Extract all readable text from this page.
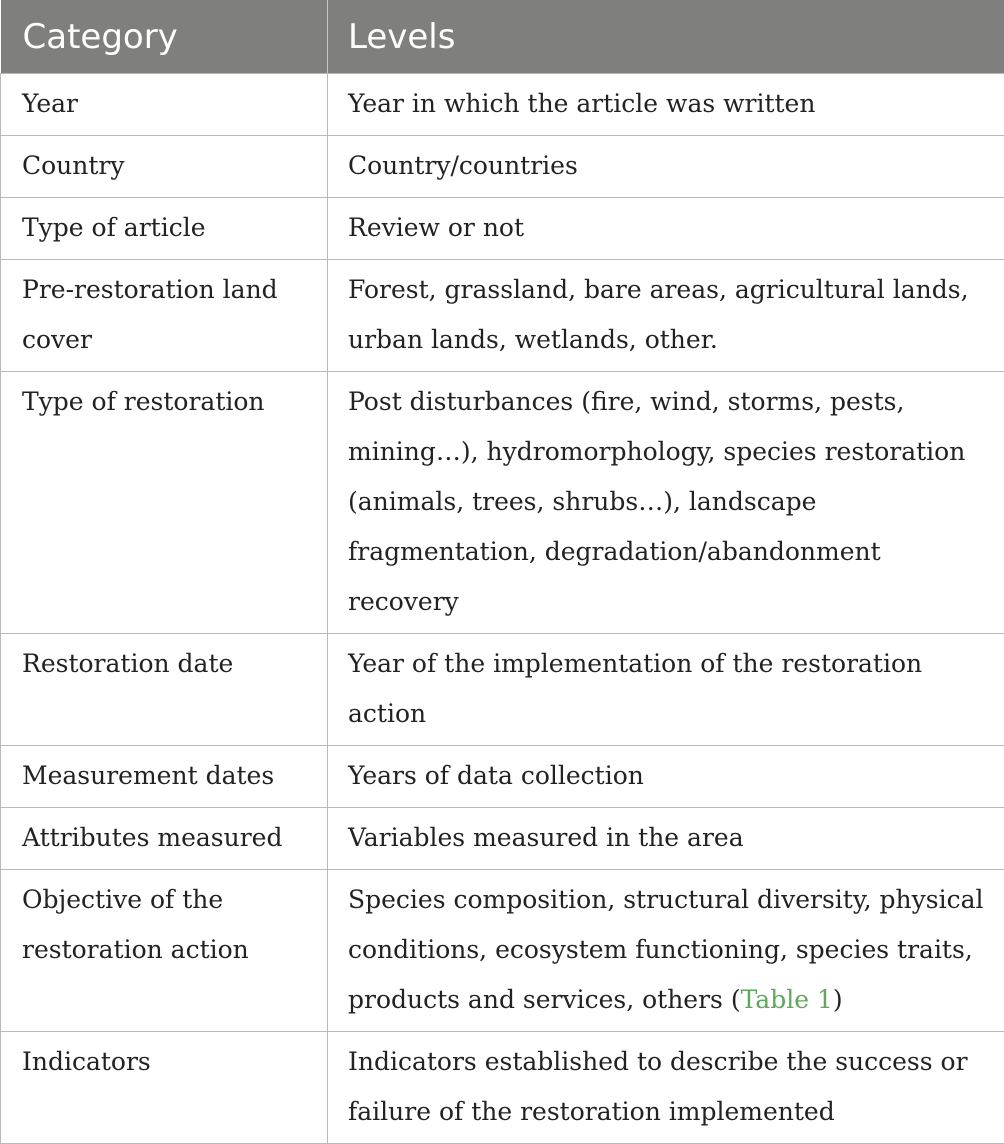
Category	Levels
Year	Year in which the article was written
Country	Country/countries
Type of article	Review or not
Pre-restoration land cover	Forest, grassland, bare areas, agricultural lands, urban lands, wetlands, other.
Type of restoration	Post disturbances (fire, wind, storms, pests, mining…), hydromorphology, species restoration (animals, trees, shrubs…), landscape fragmentation, degradation/abandonment recovery
Restoration date	Year of the implementation of the restoration action
Measurement dates	Years of data collection
Attributes measured	Variables measured in the area
Objective of the restoration action	Species composition, structural diversity, physical conditions, ecosystem functioning, species traits, products and services, others (Table 1)
Indicators	Indicators established to describe the success or failure of the restoration implemented
